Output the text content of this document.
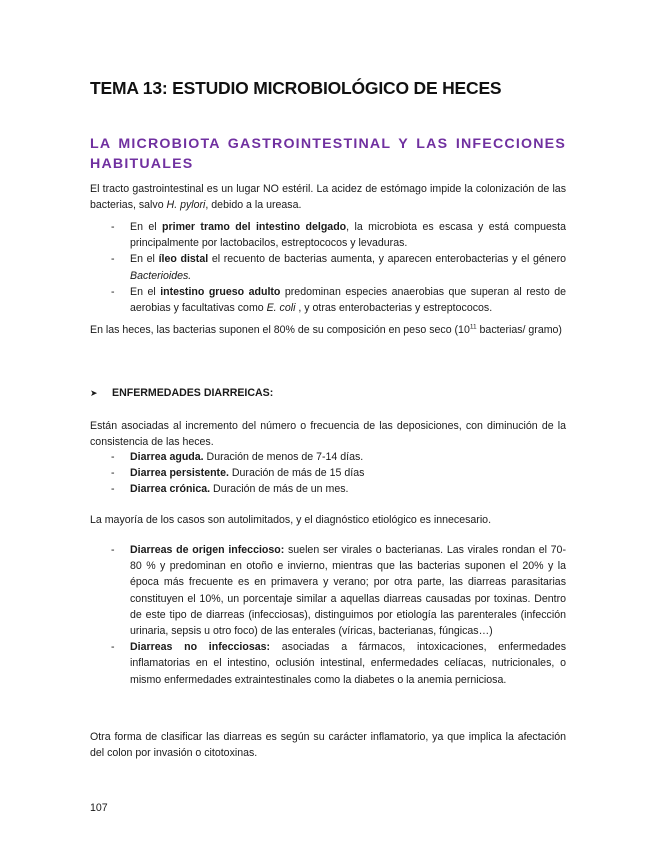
TEMA 13: ESTUDIO MICROBIOLÓGICO DE HECES
LA MICROBIOTA GASTROINTESTINAL Y LAS INFECCIONES HABITUALES
El tracto gastrointestinal es un lugar NO estéril. La acidez de estómago impide la colonización de las bacterias, salvo H. pylori, debido a la ureasa.
- En el primer tramo del intestino delgado, la microbiota es escasa y está compuesta principalmente por lactobacilos, estreptococos y levaduras.
- En el íleo distal el recuento de bacterias aumenta, y aparecen enterobacterias y el género Bacterioides.
- En el intestino grueso adulto predominan especies anaerobias que superan al resto de aerobias y facultativas como E. coli , y otras enterobacterias y estreptococos.
En las heces, las bacterias suponen el 80% de su composición en peso seco ($10^{11}$ bacterias/ gramo)
➤ ENFERMEDADES DIARREICAS:
Están asociadas al incremento del número o frecuencia de las deposiciones, con diminución de la consistencia de las heces.
- Diarrea aguda. Duración de menos de 7-14 días.
- Diarrea persistente. Duración de más de 15 días
- Diarrea crónica. Duración de más de un mes.
La mayoría de los casos son autolimitados, y el diagnóstico etiológico es innecesario.
- Diarreas de origen infeccioso: suelen ser virales o bacterianas. Las virales rondan el 70-80 % y predominan en otoño e invierno, mientras que las bacterias suponen el 20% y la época más frecuente es en primavera y verano; por otra parte, las diarreas parasitarias constituyen el 10%, un porcentaje similar a aquellas diarreas causadas por toxinas. Dentro de este tipo de diarreas (infecciosas), distinguimos por etiología las parenterales (infección urinaria, sepsis u otro foco) de las enterales (víricas, bacterianas, fúngicas…)
- Diarreas no infecciosas: asociadas a fármacos, intoxicaciones, enfermedades inflamatorias en el intestino, oclusión intestinal, enfermedades celíacas, nutricionales, o mismo enfermedades extraintestinales como la diabetes o la anemia perniciosa.
Otra forma de clasificar las diarreas es según su carácter inflamatorio, ya que implica la afectación del colon por invasión o citotoxinas.
107
